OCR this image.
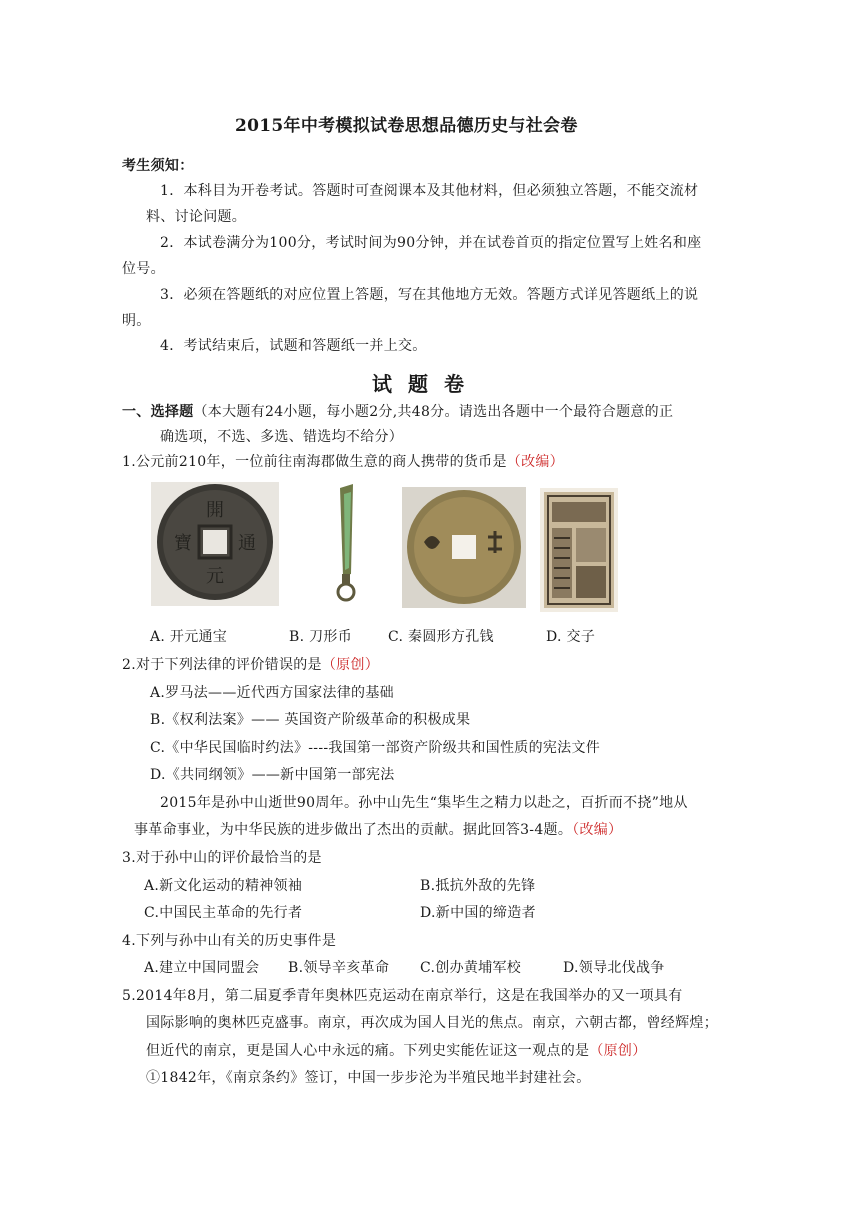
2015年中考模拟试卷思想品德历史与社会卷
考生须知：
1．本科目为开卷考试。答题时可查阅课本及其他材料，但必须独立答题，不能交流材
料、讨论问题。
2．本试卷满分为100分，考试时间为90分钟，并在试卷首页的指定位置写上姓名和座
位号。
3．必须在答题纸的对应位置上答题，写在其他地方无效。答题方式详见答题纸上的说
明。
4．考试结束后，试题和答题纸一并上交。
试题卷
一、选择题（本大题有24小题，每小题2分,共48分。请选出各题中一个最符合题意的正
确选项，不选、多选、错选均不给分）
1.公元前210年，一位前往南海郡做生意的商人携带的货币是（改编）
開
元
寶	通
A. 开元通宝	B. 刀形币	C. 秦圆形方孔钱	D. 交子
2.对于下列法律的评价错误的是（原创）
A.罗马法——近代西方国家法律的基础
B.《权利法案》—— 英国资产阶级革命的积极成果
C.《中华民国临时约法》----我国第一部资产阶级共和国性质的宪法文件
D.《共同纲领》——新中国第一部宪法
2015年是孙中山逝世90周年。孙中山先生“集毕生之精力以赴之，百折而不挠”地从
事革命事业，为中华民族的进步做出了杰出的贡献。据此回答3-4题。（改编）
3.对于孙中山的评价最恰当的是
A.新文化运动的精神领袖	B.抵抗外敌的先锋
C.中国民主革命的先行者	D.新中国的缔造者
4.下列与孙中山有关的历史事件是
A.建立中国同盟会 B.领导辛亥革命 C.创办黄埔军校	D.领导北伐战争
5.2014年8月，第二届夏季青年奥林匹克运动在南京举行，这是在我国举办的又一项具有
国际影响的奥林匹克盛事。南京，再次成为国人目光的焦点。南京，六朝古都，曾经辉煌；
但近代的南京，更是国人心中永远的痛。下列史实能佐证这一观点的是（原创）
①1842年，《南京条约》签订，中国一步步沦为半殖民地半封建社会。
